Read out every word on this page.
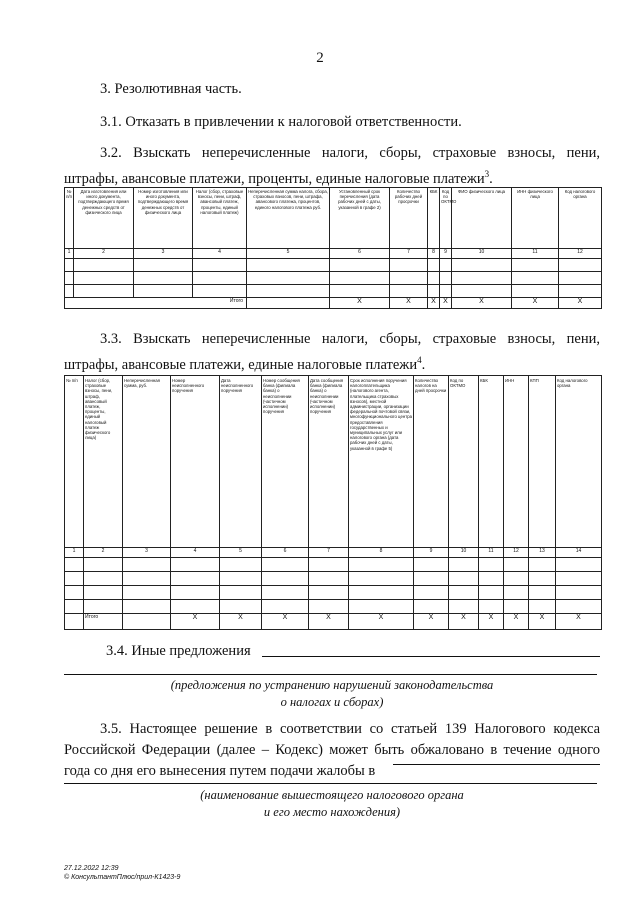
2
3. Резолютивная часть.
3.1. Отказать в привлечении к налоговой ответственности.
3.2. Взыскать неперечисленные налоги, сборы, страховые взносы, пени, штрафы, авансовые платежи, проценты, единые налоговые платежи$^3$.
№ п/п	Дата изготовления или иного документа, подтверждающего время денежных средств от физического лица	Номер изготовления или иного документа, подтверждающего время денежных средств от физического лица	Налог (сбор, страховые взносы, пени, штраф, авансовый платеж, проценты, единый налоговый платеж)	Неперечисленная сумма налога, сбора, страховых взносов, пени, штрафа, авансового платежа, процентов, единого налогового платежа руб.	Установленный срок перечисления (дата рабочих дней с даты, указанной в графе 2)	Количество рабочих дней просрочки	КБК	Код по ОКТМО	ФИО физического лица	ИНН физического лица	Код налогового органа
1	2	3	4	5	6	7	8	9	10	11	12

Итого					X	X	X	X	X	X	X
3.3. Взыскать неперечисленные налоги, сборы, страховые взносы, пени, штрафы, авансовые платежи, единые налоговые платежи$^4$.
№ п/п	Налог (сбор, страховые взносы, пени, штраф, авансовый платеж, проценты, единый налоговый платеж физического лица)	Неперечисленная сумма, руб.	Номер неисполненного поручения	Дата неисполненного поручения	Номер сообщения банка (филиала банка) о неисполнении (частичном исполнении) поручения	Дата сообщения банка (филиала банка) о неисполнении (частичном исполнении) поручения	Срок исполнения поручения налогоплательщика (налогового агента, плательщика страховых взносов), местной администрации, организации федеральной почтовой связи, многофункционального центра предоставления государственных и муниципальных услуг или налогового органа (дата рабочих дней с даты, указанной в графе 5)	Количество налогов на дней просрочки	Код по ОКТМО	КБК	ИНН	КПП	Код налогового органа
1	2	3	4	5	6	7	8	9	10	11	12	13	14

	Итого		X	X	X	X	X	X	X	X	X	X	X
3.4. Иные предложения
(предложения по устранению нарушений законодательства
о налогах и сборах)
3.5. Настоящее решение в соответствии со статьей 139 Налогового кодекса Российской Федерации (далее – Кодекс) может быть обжаловано в течение одного года со дня его вынесения путем подачи жалобы в
(наименование вышестоящего налогового органа
и его место нахождения)
27.12.2022 12:39
© КонсультантПлюс/прил-К1423-9
